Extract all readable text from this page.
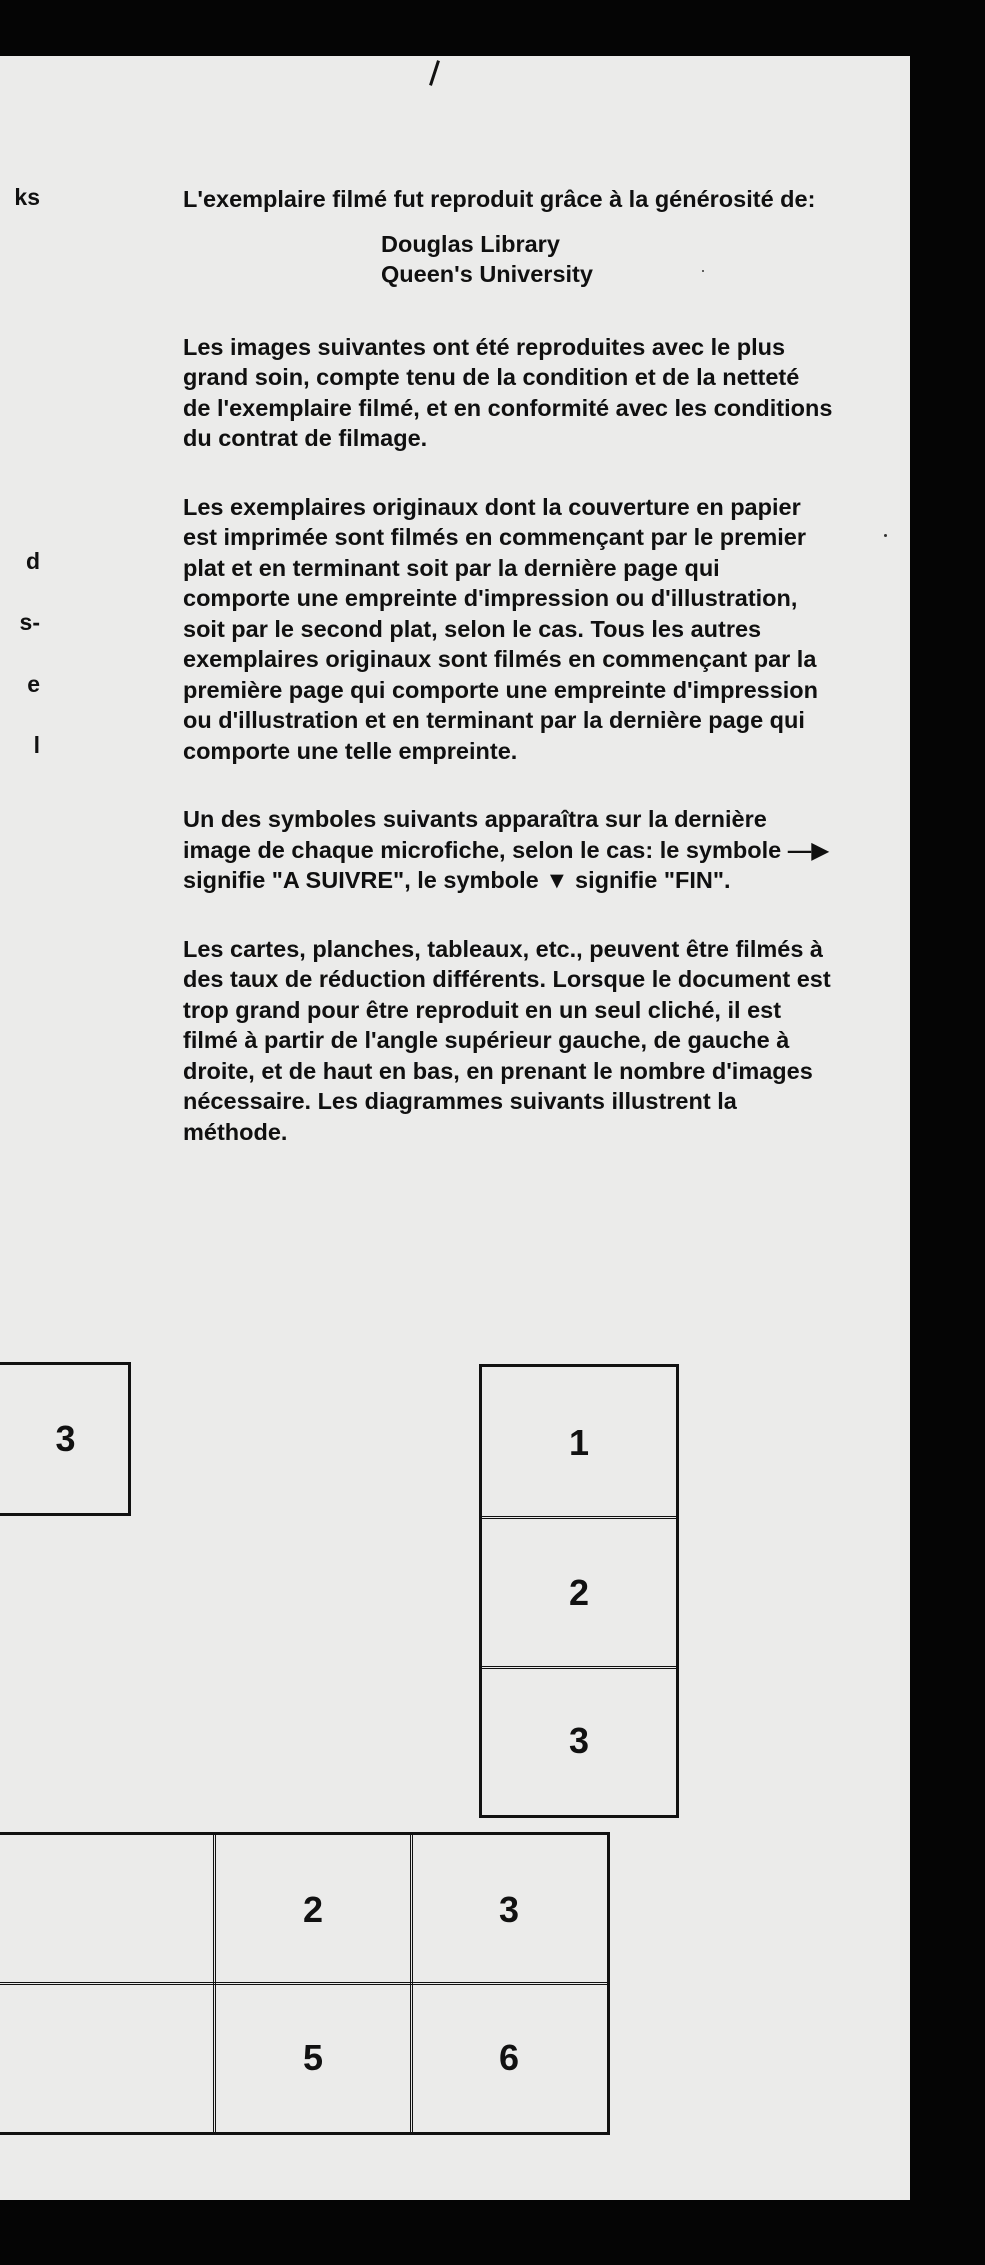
ks
d
s-
e
l

L'exemplaire filmé fut reproduit grâce à la générosité de:

Douglas Library
Queen's University

Les images suivantes ont été reproduites avec le plus grand soin, compte tenu de la condition et de la netteté de l'exemplaire filmé, et en conformité avec les conditions du contrat de filmage.

Les exemplaires originaux dont la couverture en papier est imprimée sont filmés en commençant par le premier plat et en terminant soit par la dernière page qui comporte une empreinte d'impression ou d'illustration, soit par le second plat, selon le cas. Tous les autres exemplaires originaux sont filmés en commençant par la première page qui comporte une empreinte d'impression ou d'illustration et en terminant par la dernière page qui comporte une telle empreinte.

Un des symboles suivants apparaîtra sur la dernière image de chaque microfiche, selon le cas: le symbole —▶ signifie "A SUIVRE", le symbole ▼ signifie "FIN".

Les cartes, planches, tableaux, etc., peuvent être filmés à des taux de réduction différents. Lorsque le document est trop grand pour être reproduit en un seul cliché, il est filmé à partir de l'angle supérieur gauche, de gauche à droite, et de haut en bas, en prenant le nombre d'images nécessaire. Les diagrammes suivants illustrent la méthode.

3	1
2
3
2	3
5	6
